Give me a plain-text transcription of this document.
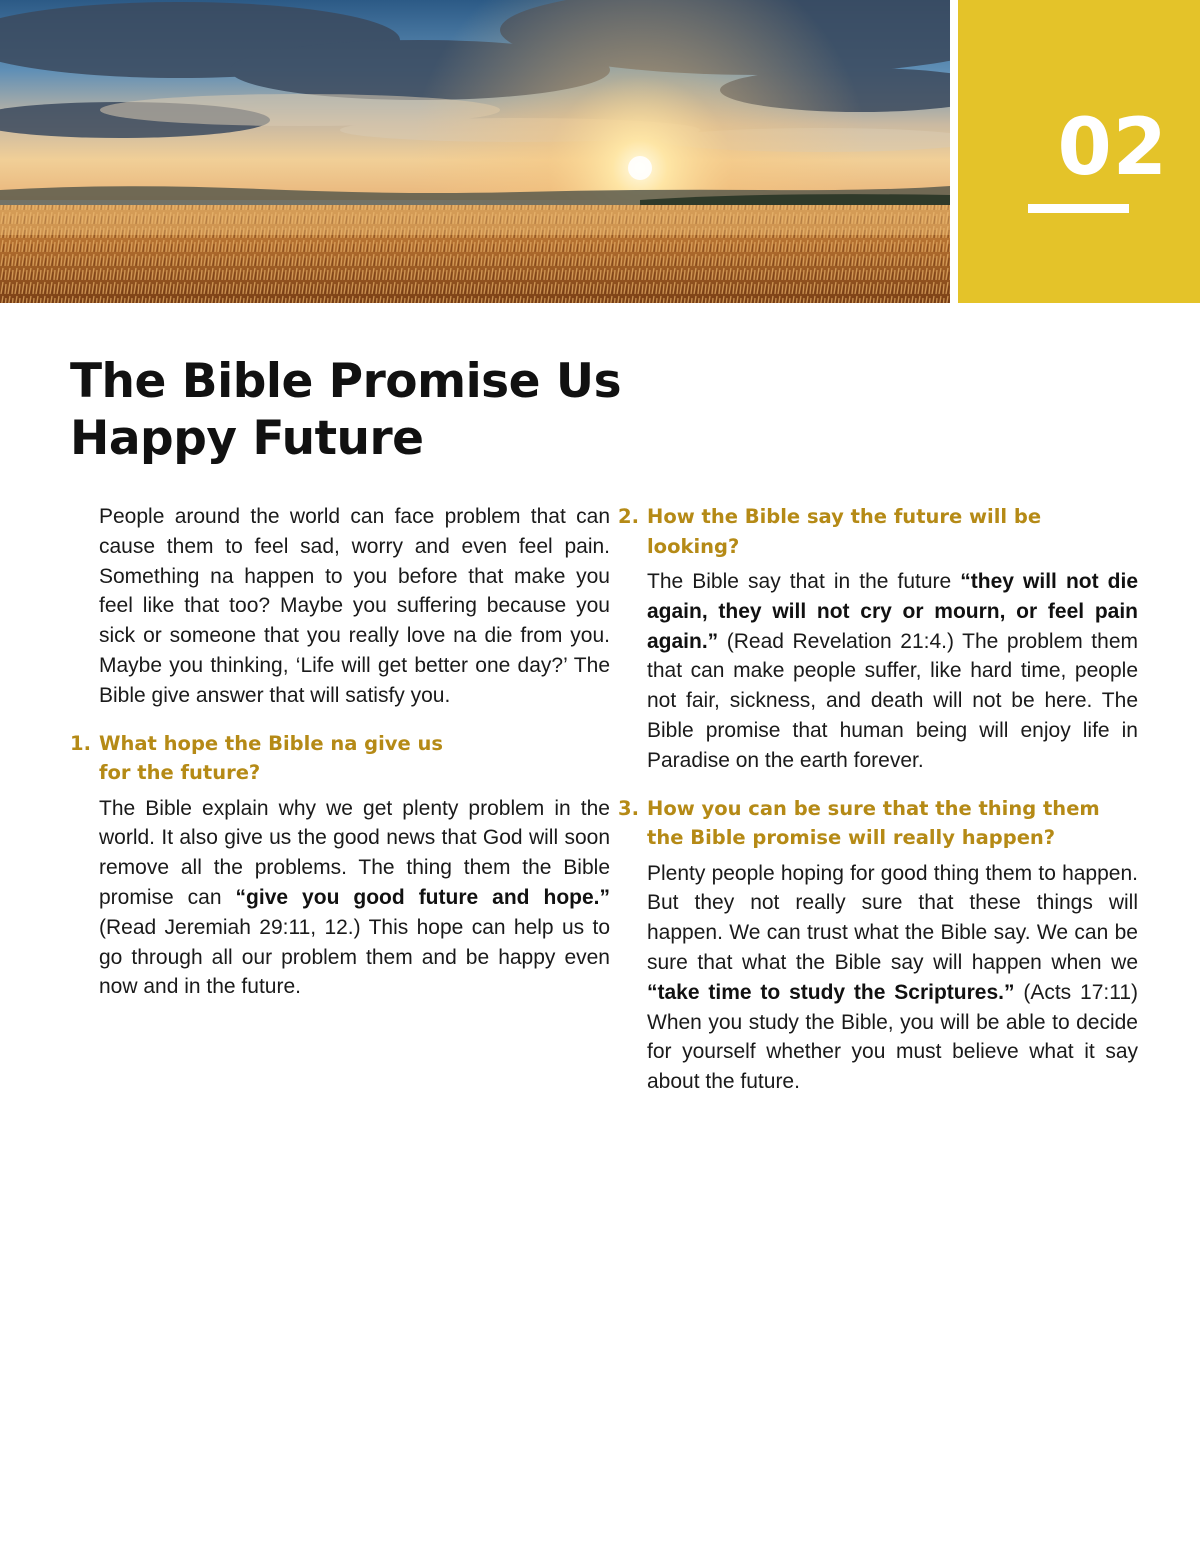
02
The Bible Promise Us
Happy Future

People around the world can face problem that can cause them to feel sad, worry and even feel pain. Something na happen to you before that make you feel like that too? Maybe you suffering because you sick or someone that you really love na die from you. Maybe you thinking, ‘Life will get better one day?’ The Bible give answer that will satisfy you.

1. What hope the Bible na give us
for the future?

The Bible explain why we get plenty problem in the world. It also give us the good news that God will soon remove all the problems. The thing them the Bible promise can “give you good future and hope.” (Read Jeremiah 29:11, 12.) This hope can help us to go through all our problem them and be happy even now and in the future.

2. How the Bible say the future will be looking?

The Bible say that in the future “they will not die again, they will not cry or mourn, or feel pain again.” (Read Revelation 21:4.) The problem them that can make people suffer, like hard time, people not fair, sickness, and death will not be here. The Bible promise that human being will enjoy life in Paradise on the earth forever.

3. How you can be sure that the thing them
the Bible promise will really happen?

Plenty people hoping for good thing them to happen. But they not really sure that these things will happen. We can trust what the Bible say. We can be sure that what the Bible say will happen when we “take time to study the Scriptures.” (Acts 17:11) When you study the Bible, you will be able to decide for yourself whether you must believe what it say about the future.
